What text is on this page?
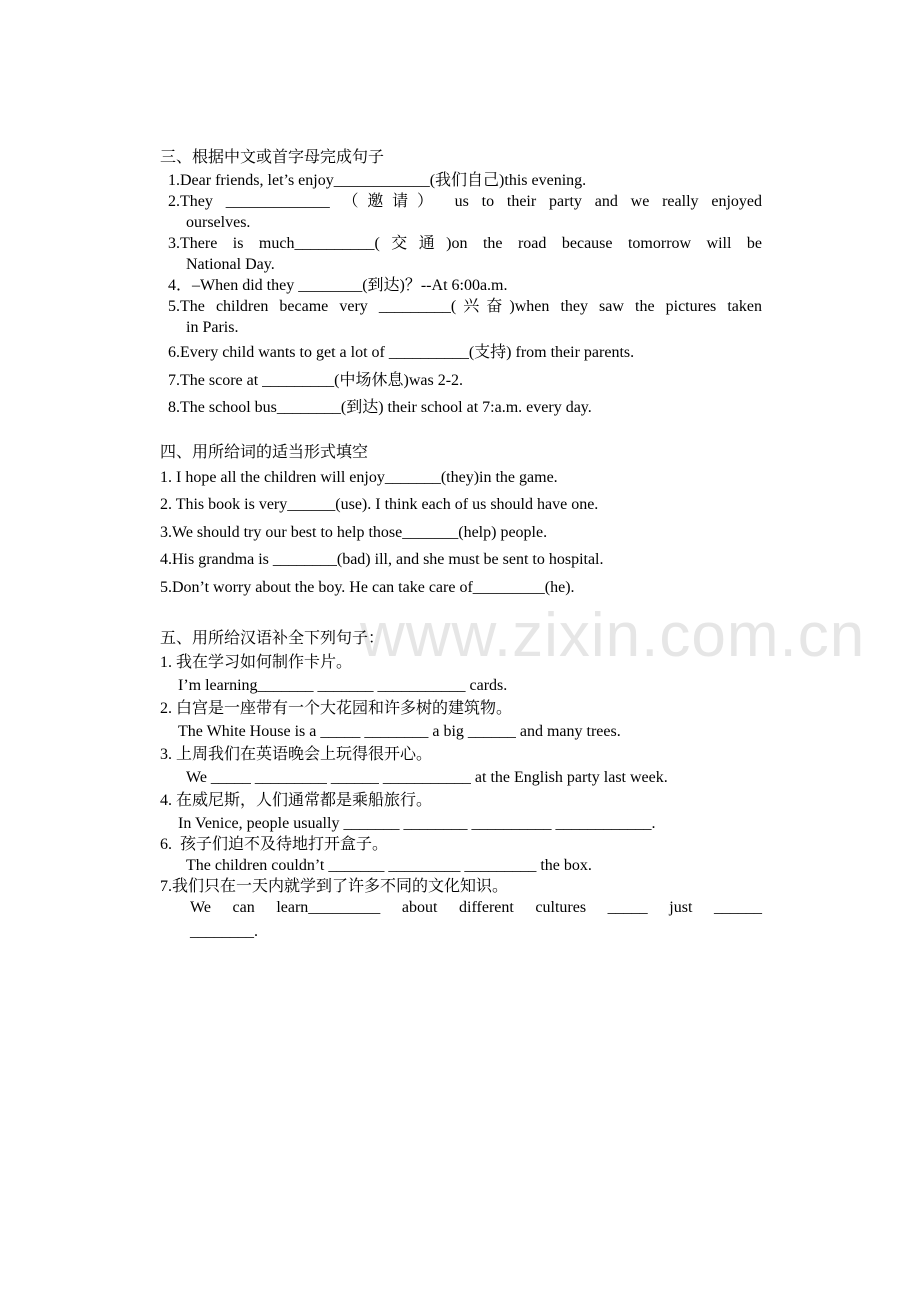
www.zixin.com.cn
三、根据中文或首字母完成句子
1.Dear friends, let’s enjoy____________(我们自己)this evening.
2.They _____________ （邀请） us to their party and we really enjoyed
ourselves.
3.There is much__________(交通)on the road because tomorrow will be
National Day.
4．–When did they ________(到达)？--At 6:00a.m.
5.The children became very _________(兴奋)when they saw the pictures taken
in Paris.
6.Every child wants to get a lot of __________(支持) from their parents.
7.The score at _________(中场休息)was 2-2.
8.The school bus________(到达) their school at 7:a.m. every day.
四、用所给词的适当形式填空
1. I hope all the children will enjoy_______(they)in the game.
2. This book is very______(use). I think each of us should have one.
3.We should try our best to help those_______(help) people.
4.His grandma is ________(bad) ill, and she must be sent to hospital.
5.Don’t worry about the boy. He can take care of_________(he).
五、用所给汉语补全下列句子：
1. 我在学习如何制作卡片。
I’m learning_______ _______ ___________ cards.
2. 白宫是一座带有一个大花园和许多树的建筑物。
The White House is a _____ ________ a big ______ and many trees.
3. 上周我们在英语晚会上玩得很开心。
We _____ _________ ______ ___________ at the English party last week.
4. 在威尼斯，人们通常都是乘船旅行。
In Venice, people usually _______ ________ __________ ____________.
6.  孩子们迫不及待地打开盒子。
The children couldn’t _______ _________ _________ the box.
7.我们只在一天内就学到了许多不同的文化知识。
We can learn_________ about different cultures _____ just ______
________.
